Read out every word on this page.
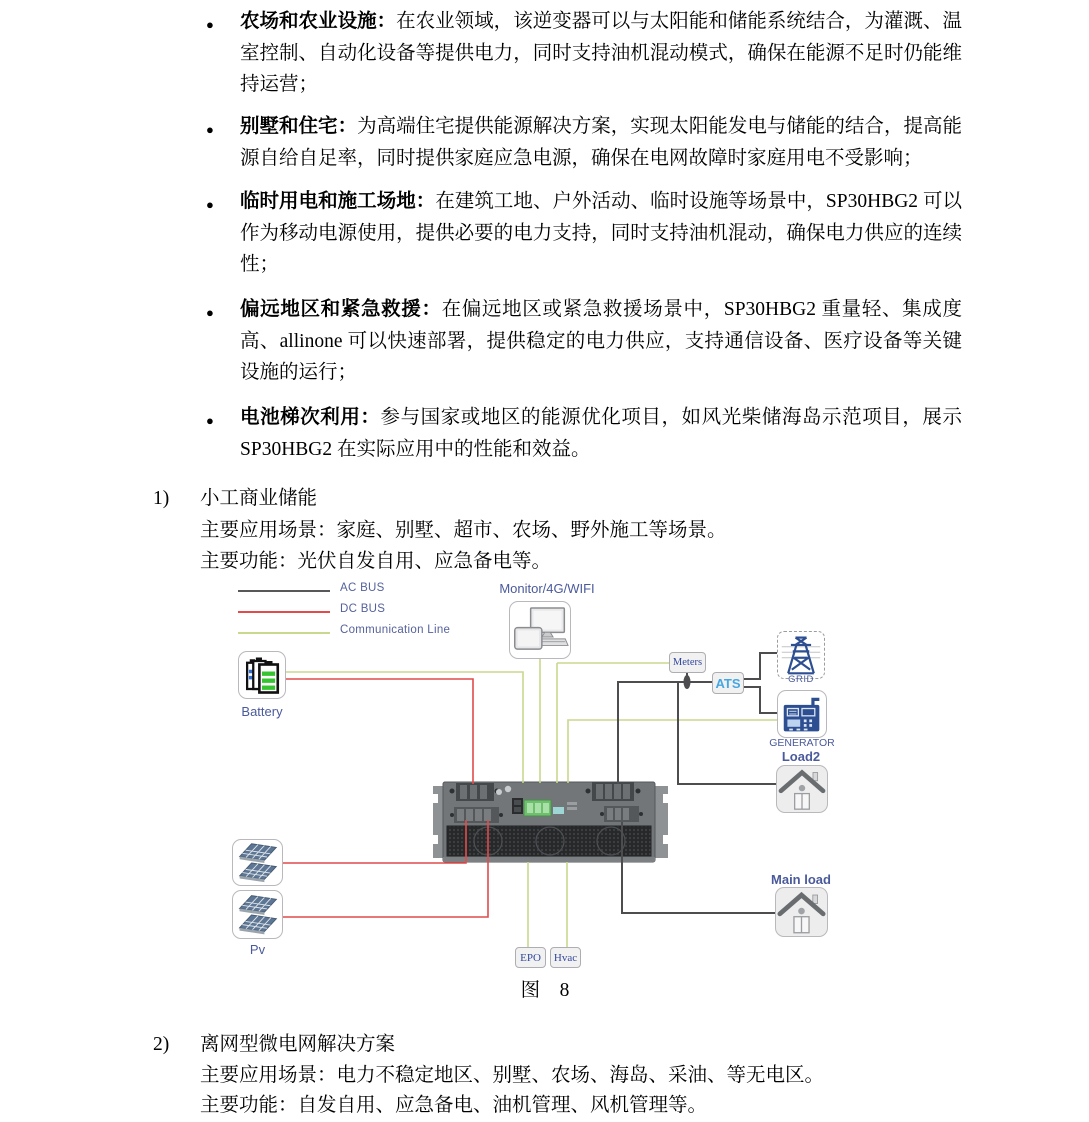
● 农场和农业设施：在农业领域，该逆变器可以与太阳能和储能系统结合，为灌溉、温室控制、自动化设备等提供电力，同时支持油机混动模式，确保在能源不足时仍能维持运营；
● 别墅和住宅：为高端住宅提供能源解决方案，实现太阳能发电与储能的结合，提高能源自给自足率，同时提供家庭应急电源，确保在电网故障时家庭用电不受影响；
● 临时用电和施工场地：在建筑工地、户外活动、临时设施等场景中，SP30HBG2 可以作为移动电源使用，提供必要的电力支持，同时支持油机混动，确保电力供应的连续性；
● 偏远地区和紧急救援：在偏远地区或紧急救援场景中，SP30HBG2 重量轻、集成度高、allinone 可以快速部署，提供稳定的电力供应，支持通信设备、医疗设备等关键设施的运行；
● 电池梯次利用：参与国家或地区的能源优化项目，如风光柴储海岛示范项目，展示 SP30HBG2 在实际应用中的性能和效益。
1) 小工商业储能
主要应用场景：家庭、别墅、超市、农场、野外施工等场景。
主要功能：光伏自发自用、应急备电等。
AC BUS
DC BUS
Communication Line
Monitor/4G/WIFI
Meters
ATS	GRID
GENERATOR
Load2
Main load
Battery
Pv
EPO	Hvac
图　8
2) 离网型微电网解决方案
主要应用场景：电力不稳定地区、别墅、农场、海岛、采油、等无电区。
主要功能：自发自用、应急备电、油机管理、风机管理等。
